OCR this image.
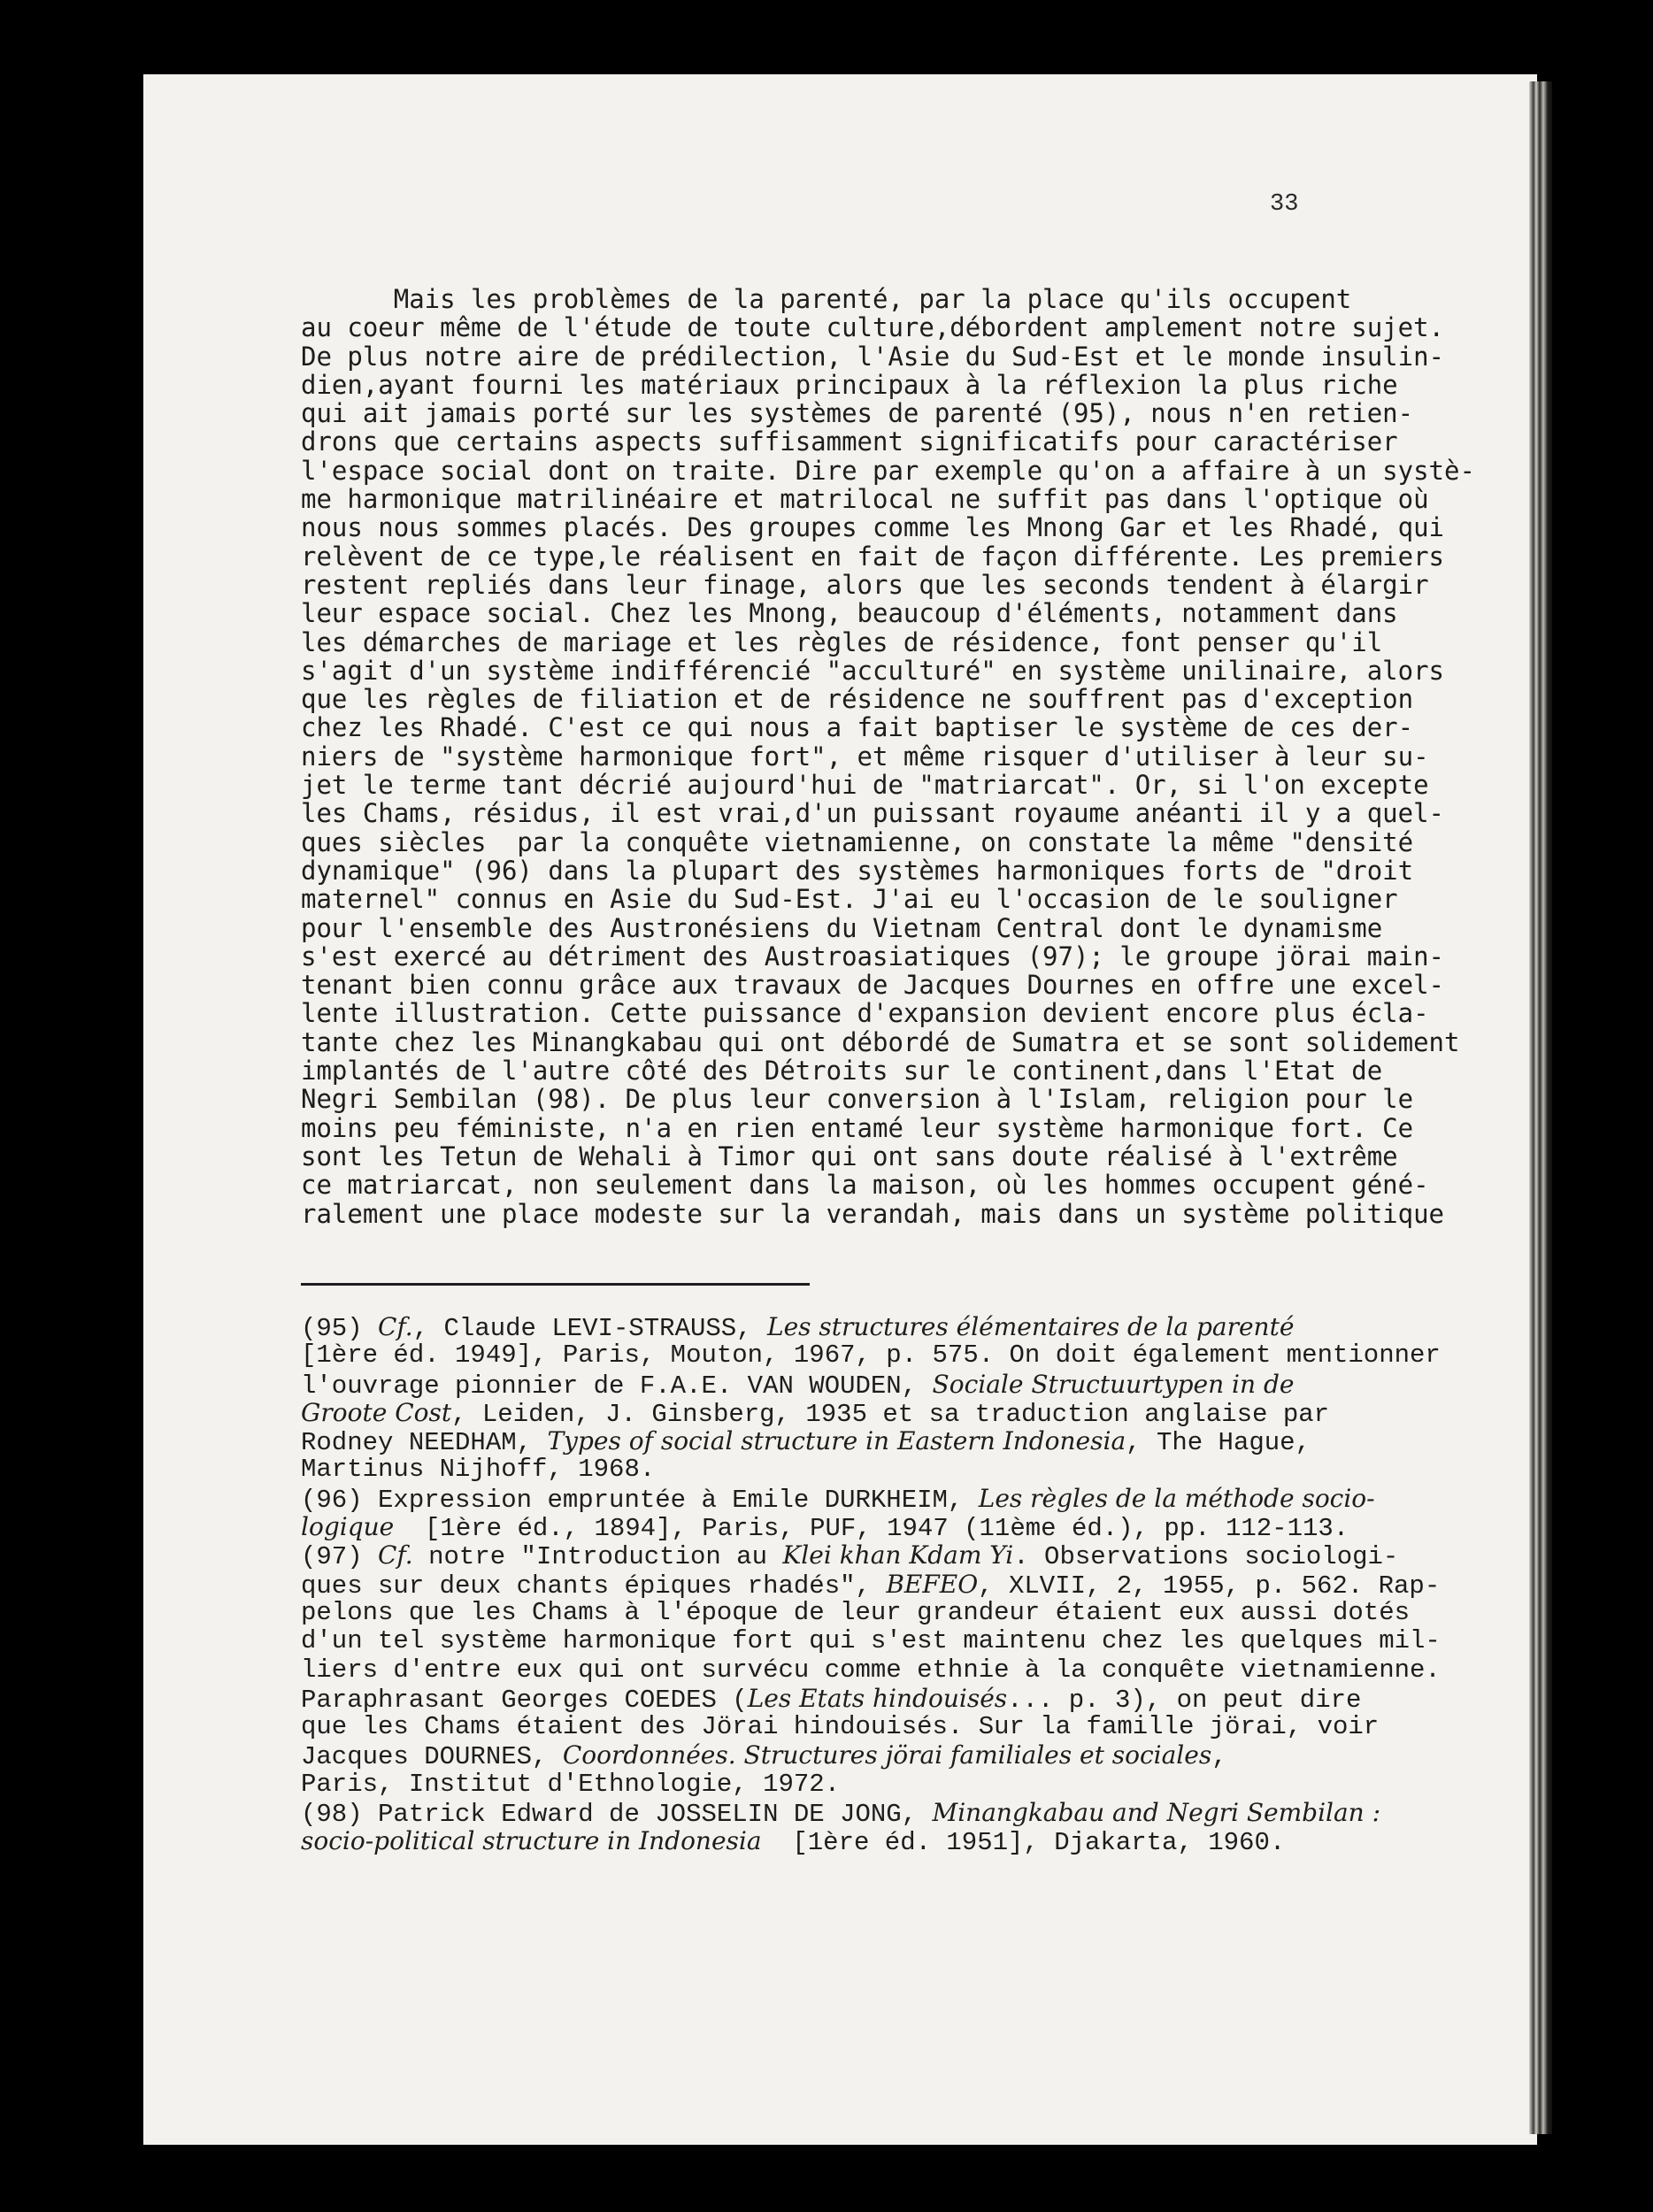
33
Mais les problèmes de la parenté, par la place qu'ils occupent
au coeur même de l'étude de toute culture,débordent amplement notre sujet.
De plus notre aire de prédilection, l'Asie du Sud-Est et le monde insulin-
dien,ayant fourni les matériaux principaux à la réflexion la plus riche
qui ait jamais porté sur les systèmes de parenté (95), nous n'en retien-
drons que certains aspects suffisamment significatifs pour caractériser
l'espace social dont on traite. Dire par exemple qu'on a affaire à un systè-
me harmonique matrilinéaire et matrilocal ne suffit pas dans l'optique où
nous nous sommes placés. Des groupes comme les Mnong Gar et les Rhadé, qui
relèvent de ce type,le réalisent en fait de façon différente. Les premiers
restent repliés dans leur finage, alors que les seconds tendent à élargir
leur espace social. Chez les Mnong, beaucoup d'éléments, notamment dans
les démarches de mariage et les règles de résidence, font penser qu'il
s'agit d'un système indifférencié "acculturé" en système unilinaire, alors
que les règles de filiation et de résidence ne souffrent pas d'exception
chez les Rhadé. C'est ce qui nous a fait baptiser le système de ces der-
niers de "système harmonique fort", et même risquer d'utiliser à leur su-
jet le terme tant décrié aujourd'hui de "matriarcat". Or, si l'on excepte
les Chams, résidus, il est vrai,d'un puissant royaume anéanti il y a quel-
ques siècles  par la conquête vietnamienne, on constate la même "densité
dynamique" (96) dans la plupart des systèmes harmoniques forts de "droit
maternel" connus en Asie du Sud-Est. J'ai eu l'occasion de le souligner
pour l'ensemble des Austronésiens du Vietnam Central dont le dynamisme
s'est exercé au détriment des Austroasiatiques (97); le groupe jörai main-
tenant bien connu grâce aux travaux de Jacques Dournes en offre une excel-
lente illustration. Cette puissance d'expansion devient encore plus écla-
tante chez les Minangkabau qui ont débordé de Sumatra et se sont solidement
implantés de l'autre côté des Détroits sur le continent,dans l'Etat de
Negri Sembilan (98). De plus leur conversion à l'Islam, religion pour le
moins peu féministe, n'a en rien entamé leur système harmonique fort. Ce
sont les Tetun de Wehali à Timor qui ont sans doute réalisé à l'extrême
ce matriarcat, non seulement dans la maison, où les hommes occupent géné-
ralement une place modeste sur la verandah, mais dans un système politique
(95) Cf., Claude LEVI-STRAUSS, Les structures élémentaires de la parenté
[1ère éd. 1949], Paris, Mouton, 1967, p. 575. On doit également mentionner
l'ouvrage pionnier de F.A.E. VAN WOUDEN, Sociale Structuurtypen in de
Groote Cost, Leiden, J. Ginsberg, 1935 et sa traduction anglaise par
Rodney NEEDHAM, Types of social structure in Eastern Indonesia, The Hague,
Martinus Nijhoff, 1968.
(96) Expression empruntée à Emile DURKHEIM, Les règles de la méthode socio-
logique  [1ère éd., 1894], Paris, PUF, 1947 (11ème éd.), pp. 112-113.
(97) Cf. notre "Introduction au Klei khan Kdam Yi. Observations sociologi-
ques sur deux chants épiques rhadés", BEFEO, XLVII, 2, 1955, p. 562. Rap-
pelons que les Chams à l'époque de leur grandeur étaient eux aussi dotés
d'un tel système harmonique fort qui s'est maintenu chez les quelques mil-
liers d'entre eux qui ont survécu comme ethnie à la conquête vietnamienne.
Paraphrasant Georges COEDES (Les Etats hindouisés... p. 3), on peut dire
que les Chams étaient des Jörai hindouisés. Sur la famille jörai, voir
Jacques DOURNES, Coordonnées. Structures jörai familiales et sociales,
Paris, Institut d'Ethnologie, 1972.
(98) Patrick Edward de JOSSELIN DE JONG, Minangkabau and Negri Sembilan :
socio-political structure in Indonesia  [1ère éd. 1951], Djakarta, 1960.
